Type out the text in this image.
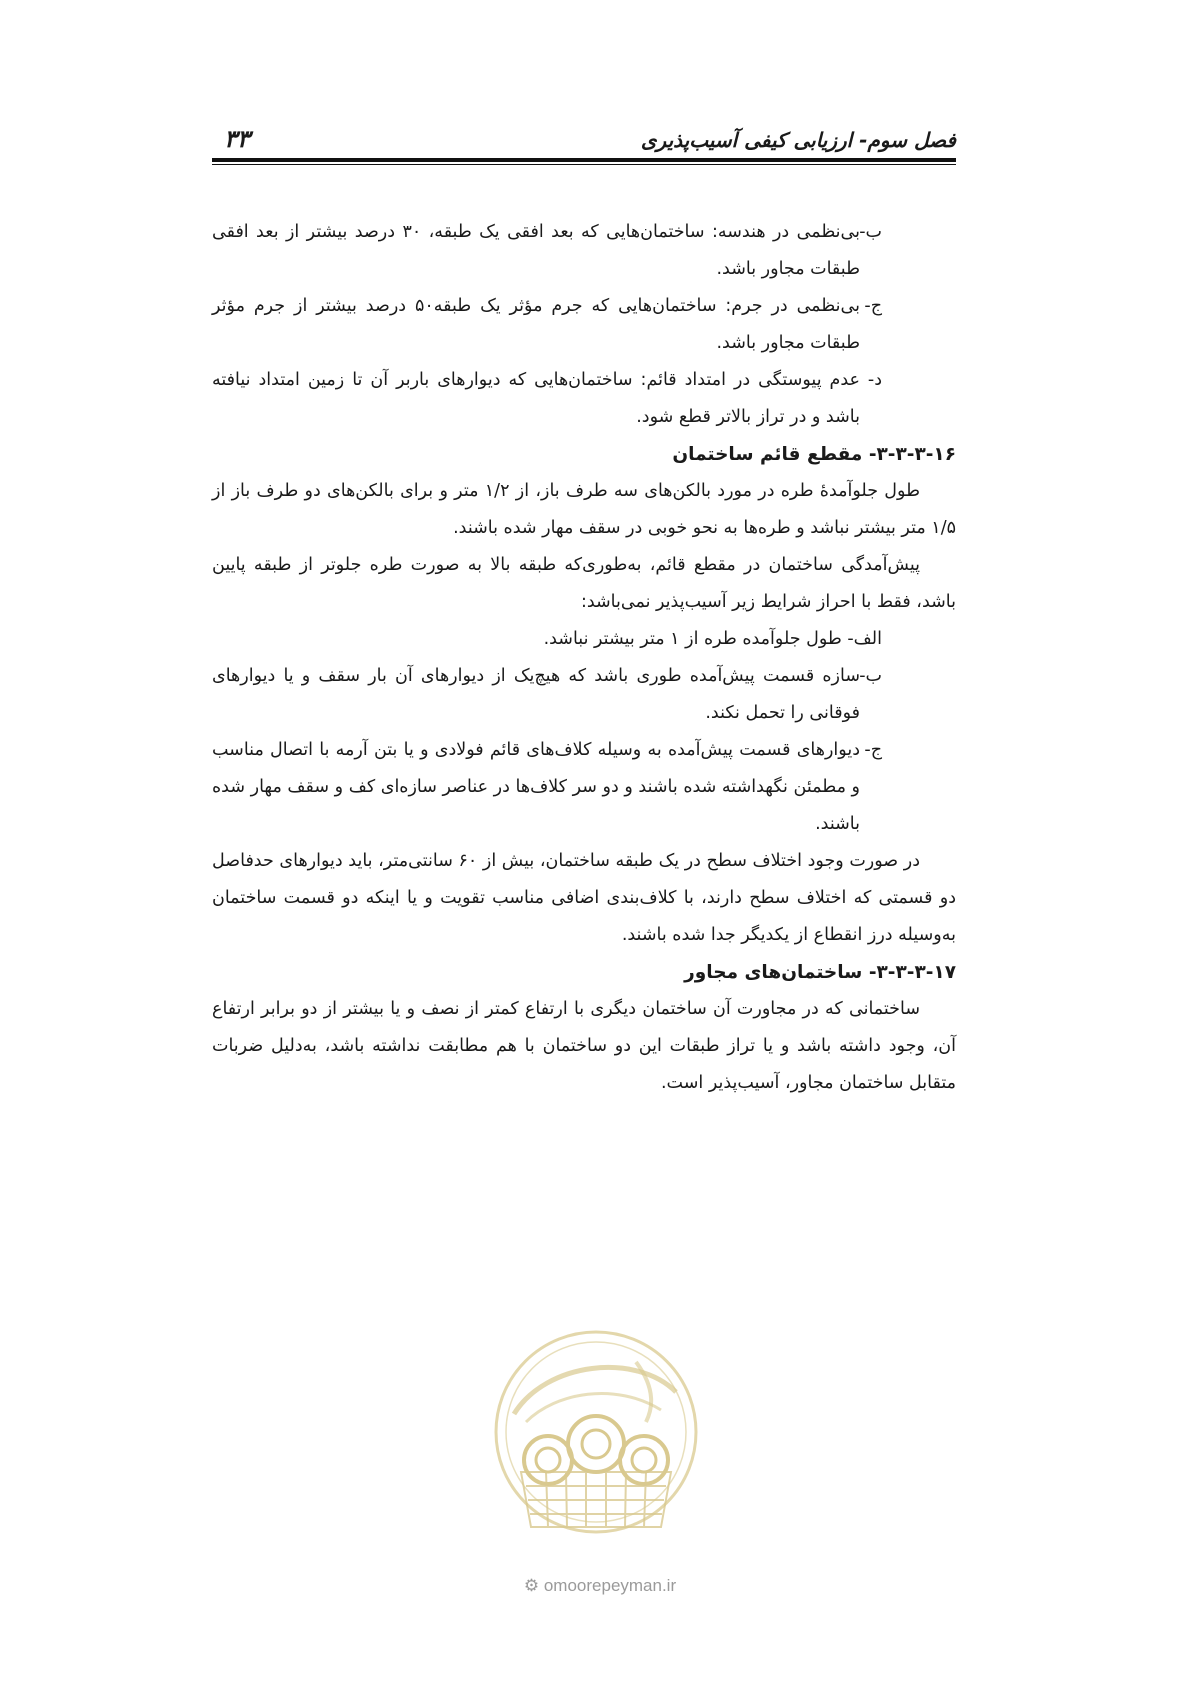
فصل سوم- ارزیابی کیفی آسیب‌پذیری
۳۳
ب-
بی‌نظمی در هندسه: ساختمان‌هایی که بعد افقی یک طبقه، ۳۰ درصد بیشتر از بعد افقی طبقات مجاور باشد.
ج-
بی‌نظمی در جرم: ساختمان‌هایی که جرم مؤثر یک طبقه۵۰ درصد بیشتر از جرم مؤثر طبقات مجاور باشد.
د-
عدم پیوستگی در امتداد قائم: ساختمان‌هایی که دیوارهای باربر آن تا زمین امتداد نیافته باشد و در تراز بالاتر قطع شود.
۳-۳-۳-۱۶- مقطع قائم ساختمان
طول جلوآمدهٔ طره در مورد بالکن‌های سه طرف باز، از ۱/۲ متر و برای بالکن‌های دو طرف باز از ۱/۵ متر بیشتر نباشد و طره‌ها به نحو خوبی در سقف مهار شده باشند.
پیش‌آمدگی ساختمان در مقطع قائم، به‌طوری‌که طبقه بالا به صورت طره جلوتر از طبقه پایین باشد، فقط با احراز شرایط زیر آسیب‌پذیر نمی‌باشد:
الف- طول جلوآمده طره از ۱ متر بیشتر نباشد.
ب-
سازه قسمت پیش‌آمده طوری باشد که هیچ‌یک از دیوارهای آن بار سقف و یا دیوارهای فوقانی را تحمل نکند.
ج-
دیوارهای قسمت پیش‌آمده به وسیله کلاف‌های قائم فولادی و یا بتن آرمه با اتصال مناسب و مطمئن نگهداشته شده باشند و دو سر کلاف‌ها در عناصر سازه‌ای کف و سقف مهار شده باشند.
در صورت وجود اختلاف سطح در یک طبقه ساختمان، بیش از ۶۰ سانتی‌متر، باید دیوارهای حدفاصل دو قسمتی که اختلاف سطح دارند، با کلاف‌بندی اضافی مناسب تقویت و یا اینکه دو قسمت ساختمان به‌وسیله درز انقطاع از یکدیگر جدا شده باشند.
۳-۳-۳-۱۷- ساختمان‌های مجاور
ساختمانی که در مجاورت آن ساختمان دیگری با ارتفاع کمتر از نصف و یا بیشتر از دو برابر ارتفاع آن، وجود داشته باشد و یا تراز طبقات این دو ساختمان با هم مطابقت نداشته باشد، به‌دلیل ضربات متقابل ساختمان مجاور، آسیب‌پذیر است.
⚙ omoorepeyman.ir
